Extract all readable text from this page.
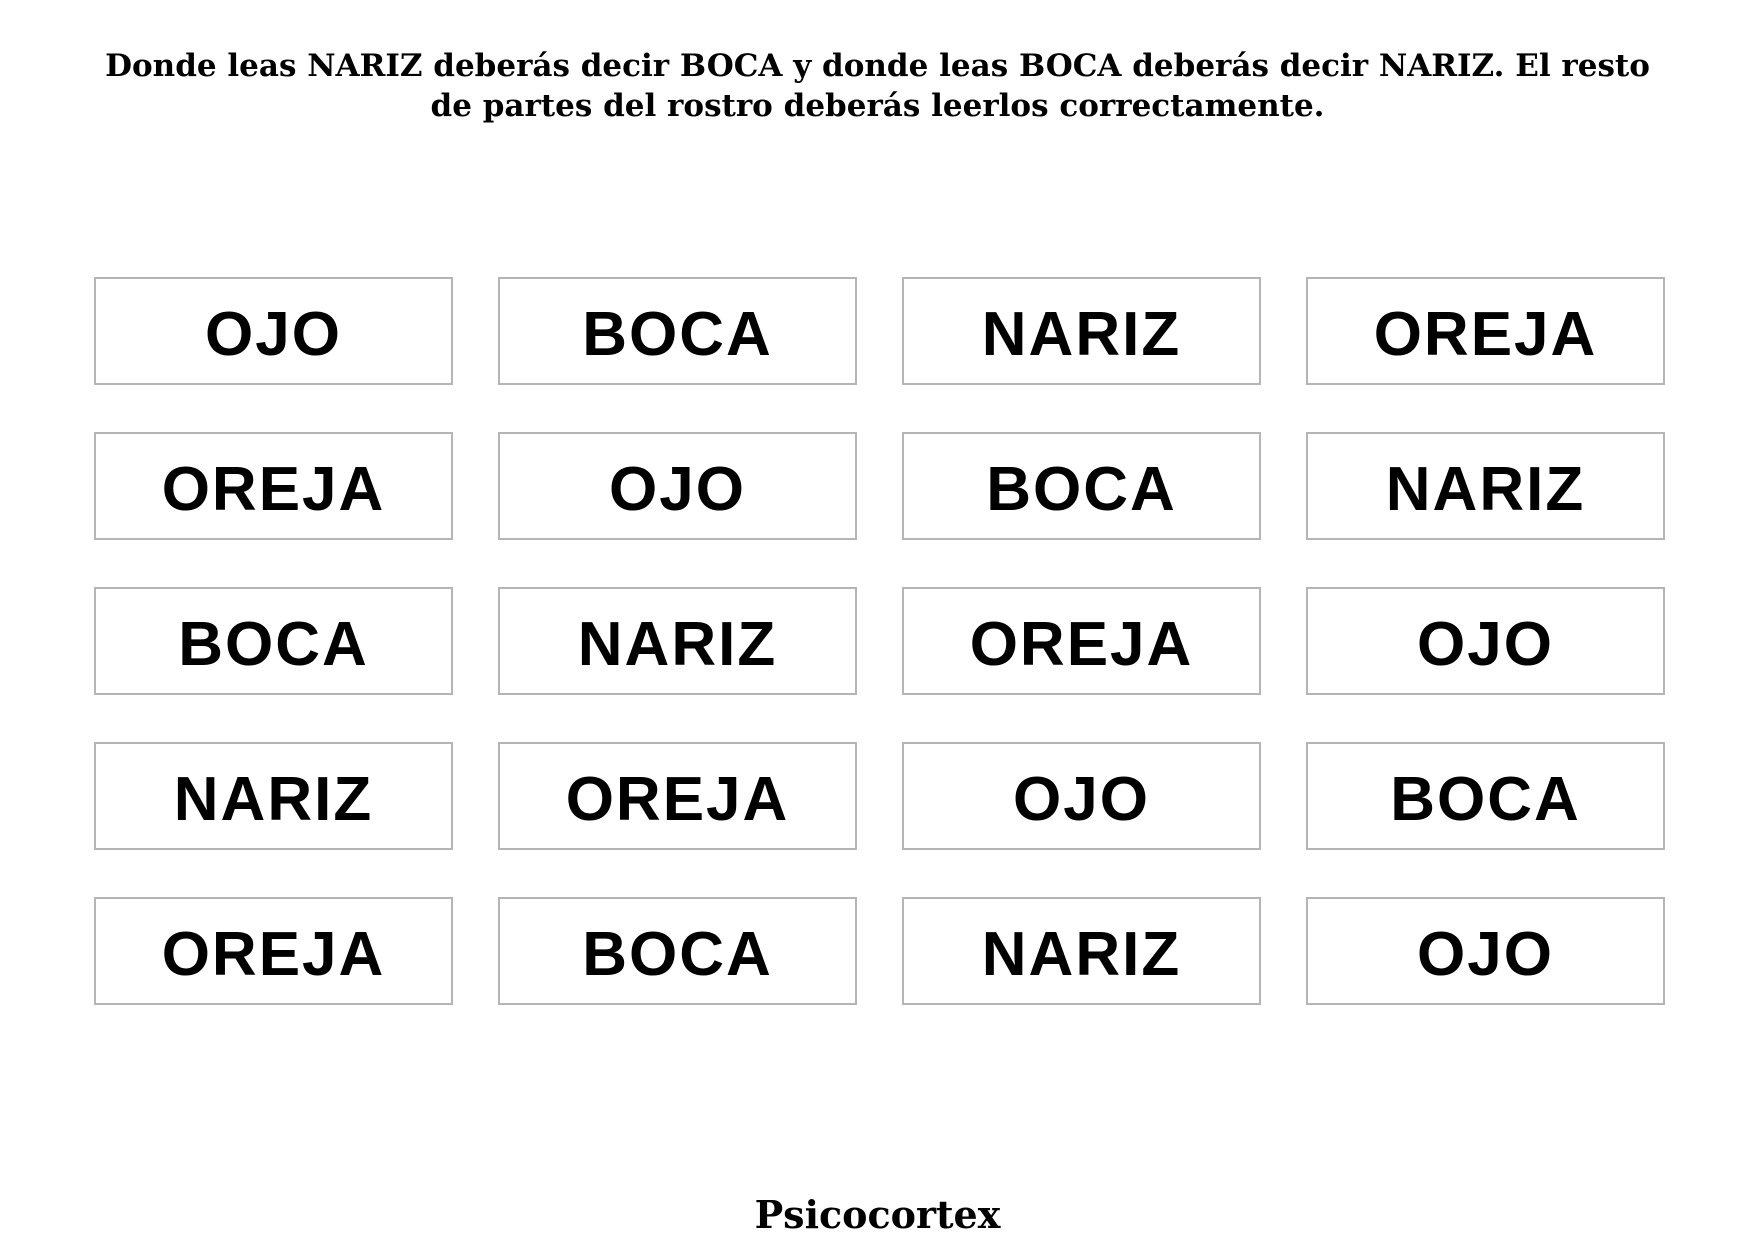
Donde leas NARIZ deberás decir BOCA y donde leas BOCA deberás decir NARIZ. El resto de partes del rostro deberás leerlos correctamente.
OJO	BOCA	NARIZ	OREJA
OREJA	OJO	BOCA	NARIZ
BOCA	NARIZ	OREJA	OJO
NARIZ	OREJA	OJO	BOCA
OREJA	BOCA	NARIZ	OJO
Psicocortex
